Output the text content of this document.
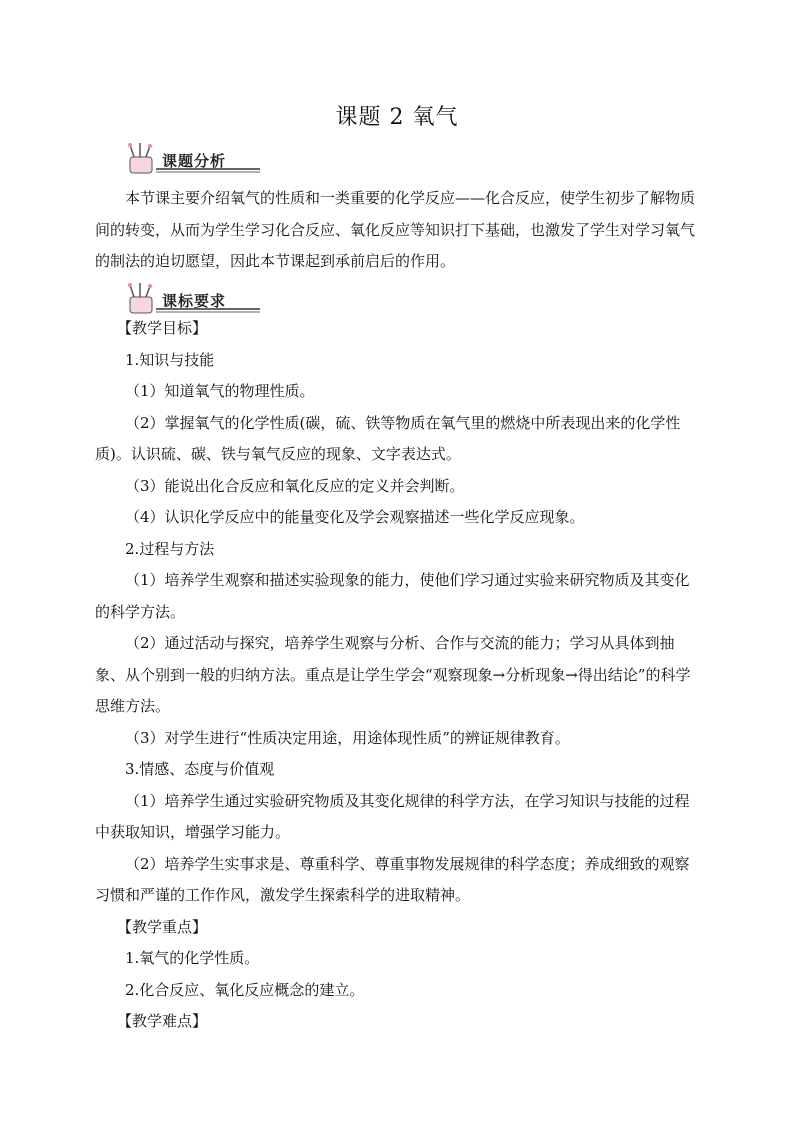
课题 2 氧气
课题分析

本节课主要介绍氧气的性质和一类重要的化学反应——化合反应，使学生初步了解物质间的转变，从而为学生学习化合反应、氧化反应等知识打下基础，也激发了学生对学习氧气的制法的迫切愿望，因此本节课起到承前启后的作用。

课标要求

【教学目标】

1.知识与技能

（1）知道氧气的物理性质。

（2）掌握氧气的化学性质(碳，硫、铁等物质在氧气里的燃烧中所表现出来的化学性质)。认识硫、碳、铁与氧气反应的现象、文字表达式。

（3）能说出化合反应和氧化反应的定义并会判断。

（4）认识化学反应中的能量变化及学会观察描述一些化学反应现象。

2.过程与方法

（1）培养学生观察和描述实验现象的能力，使他们学习通过实验来研究物质及其变化的科学方法。

（2）通过活动与探究，培养学生观察与分析、合作与交流的能力；学习从具体到抽象、从个别到一般的归纳方法。重点是让学生学会“观察现象→分析现象→得出结论”的科学思维方法。

（3）对学生进行“性质决定用途，用途体现性质”的辨证规律教育。

3.情感、态度与价值观

（1）培养学生通过实验研究物质及其变化规律的科学方法，在学习知识与技能的过程中获取知识，增强学习能力。

（2）培养学生实事求是、尊重科学、尊重事物发展规律的科学态度；养成细致的观察习惯和严谨的工作作风，激发学生探索科学的进取精神。

【教学重点】

1.氧气的化学性质。

2.化合反应、氧化反应概念的建立。

【教学难点】
